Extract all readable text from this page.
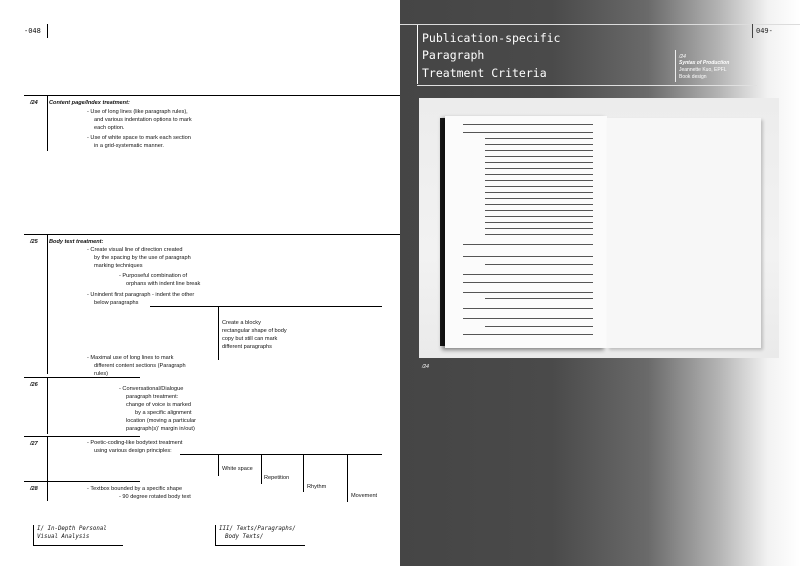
-048
/24 Content page/Index treatment:
- Use of long lines (like paragraph rules),
and various indentation options to mark
each option.
- Use of white space to mark each section
in a grid-systematic manner.
/25 Body text treatment:
- Create visual line of direction created
by the spacing by the use of paragraph
marking techniques
- Purposeful combination of
orphans with indent line break
- Unindent first paragraph - indent the other
below paragraphs
Create a blocky
rectangular shape of body
copy but still can mark
different paragraphs
- Maximal use of long lines to mark
different content sections (Paragraph
rules)
/26
- Conversational/Dialogue
paragraph treatment:
change of voice is marked
by a specific alignment
location (moving a particular
paragraph(s)' margin in/out)
/27	- Poetic-coding-like bodytext treatment
using various design principles:
White space
Repetition
Rhythm
Movement
/28	- Textbox bounded by a specific shape
- 90 degree rotated body text
I/ In-Depth Personal
Visual Analysis
III/ Texts/Paragraphs/
Body Texts/
Publication-specific
Paragraph
Treatment Criteria
049-
/24
Syntax of Production
Jeannette Kuo, EPFL
Book design
/24
